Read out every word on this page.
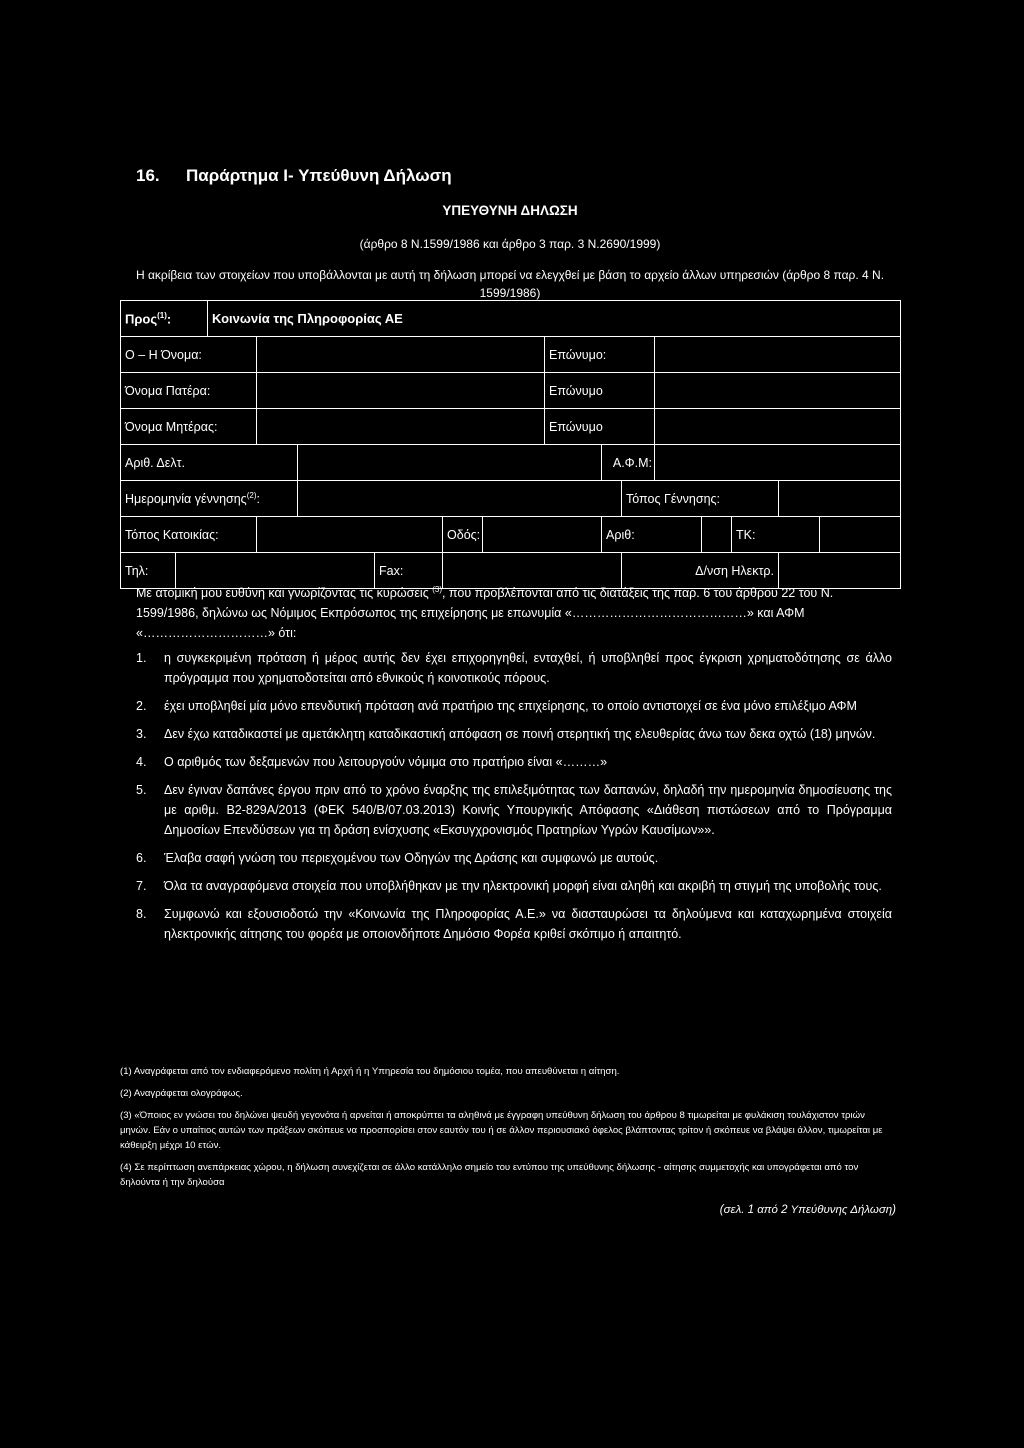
16. Παράρτημα Ι- Υπεύθυνη Δήλωση
ΥΠΕΥΘΥΝΗ ΔΗΛΩΣΗ
(άρθρο 8 Ν.1599/1986 και άρθρο 3 παρ. 3 Ν.2690/1999)
Η ακρίβεια των στοιχείων που υποβάλλονται με αυτή τη δήλωση μπορεί να ελεγχθεί με βάση το αρχείο άλλων υπηρεσιών (άρθρο 8 παρ. 4 Ν. 1599/1986)
Προς$^{(1)}$:		Κοινωνία της Πληροφορίας ΑΕ													
Ο – Η Όνομα:								Επώνυμο:							
Όνομα Πατέρα:								Επώνυμο							
Όνομα Μητέρας:								Επώνυμο							
Αριθ. Δελτ.									Α.Φ.Μ:						
Ημερομηνία γέννησης$^{(2)}$:										Τόπος Γέννησης:					
Τόπος Κατοικίας:						Οδός:			Αριθ:				ΤΚ:		
Τηλ:					Fax:					Δ/νση Ηλεκτρ.					
Με ατομική μου ευθύνη και γνωρίζοντας τις κυρώσεις $^{(3)}$, που προβλέπονται από τις διατάξεις της παρ. 6 του άρθρου 22 του Ν. 1599/1986, δηλώνω ως Νόμιμος Εκπρόσωπος της επιχείρησης με επωνυμία «……………………………………» και ΑΦΜ «…………………………» ότι:
1. η συγκεκριμένη πρόταση ή μέρος αυτής δεν έχει επιχορηγηθεί, ενταχθεί, ή υποβληθεί προς έγκριση χρηματοδότησης σε άλλο πρόγραμμα που χρηματοδοτείται από εθνικούς ή κοινοτικούς πόρους.
2. έχει υποβληθεί μία μόνο επενδυτική πρόταση ανά πρατήριο της επιχείρησης, το οποίο αντιστοιχεί σε ένα μόνο επιλέξιμο ΑΦΜ
3. Δεν έχω καταδικαστεί με αμετάκλητη καταδικαστική απόφαση σε ποινή στερητική της ελευθερίας άνω των δεκα οχτώ (18) μηνών.
4. Ο αριθμός των δεξαμενών που λειτουργούν νόμιμα στο πρατήριο είναι «………»
5. Δεν έγιναν δαπάνες έργου πριν από το χρόνο έναρξης της επιλεξιμότητας των δαπανών, δηλαδή την ημερομηνία δημοσίευσης της με αριθμ. Β2-829Α/2013 (ΦΕΚ 540/Β/07.03.2013) Κοινής Υπουργικής Απόφασης «Διάθεση πιστώσεων από το Πρόγραμμα Δημοσίων Επενδύσεων για τη δράση ενίσχυσης «Εκσυγχρονισμός Πρατηρίων Υγρών Καυσίμων»».
6. Έλαβα σαφή γνώση του περιεχομένου των Οδηγών της Δράσης και συμφωνώ με αυτούς.
7. Όλα τα αναγραφόμενα στοιχεία που υποβλήθηκαν με την ηλεκτρονική μορφή είναι αληθή και ακριβή τη στιγμή της υποβολής τους.
8. Συμφωνώ και εξουσιοδοτώ την «Κοινωνία της Πληροφορίας Α.Ε.» να διασταυρώσει τα δηλούμενα και καταχωρημένα στοιχεία ηλεκτρονικής αίτησης του φορέα με οποιονδήποτε Δημόσιο Φορέα κριθεί σκόπιμο ή απαιτητό.

(1) Αναγράφεται από τον ενδιαφερόμενο πολίτη ή Αρχή ή η Υπηρεσία του δημόσιου τομέα, που απευθύνεται η αίτηση.

(2) Αναγράφεται ολογράφως.

(3) «Όποιος εν γνώσει του δηλώνει ψευδή γεγονότα ή αρνείται ή αποκρύπτει τα αληθινά με έγγραφη υπεύθυνη δήλωση του άρθρου 8 τιμωρείται με φυλάκιση τουλάχιστον τριών μηνών. Εάν ο υπαίτιος αυτών των πράξεων σκόπευε να προσπορίσει στον εαυτόν του ή σε άλλον περιουσιακό όφελος βλάπτοντας τρίτον ή σκόπευε να βλάψει άλλον, τιμωρείται με κάθειρξη μέχρι 10 ετών.

(4) Σε περίπτωση ανεπάρκειας χώρου, η δήλωση συνεχίζεται σε άλλο κατάλληλο σημείο του εντύπου της υπεύθυνης δήλωσης - αίτησης συμμετοχής και υπογράφεται από τον δηλούντα ή την δηλούσα

(σελ. 1 από 2 Υπεύθυνης Δήλωση)
